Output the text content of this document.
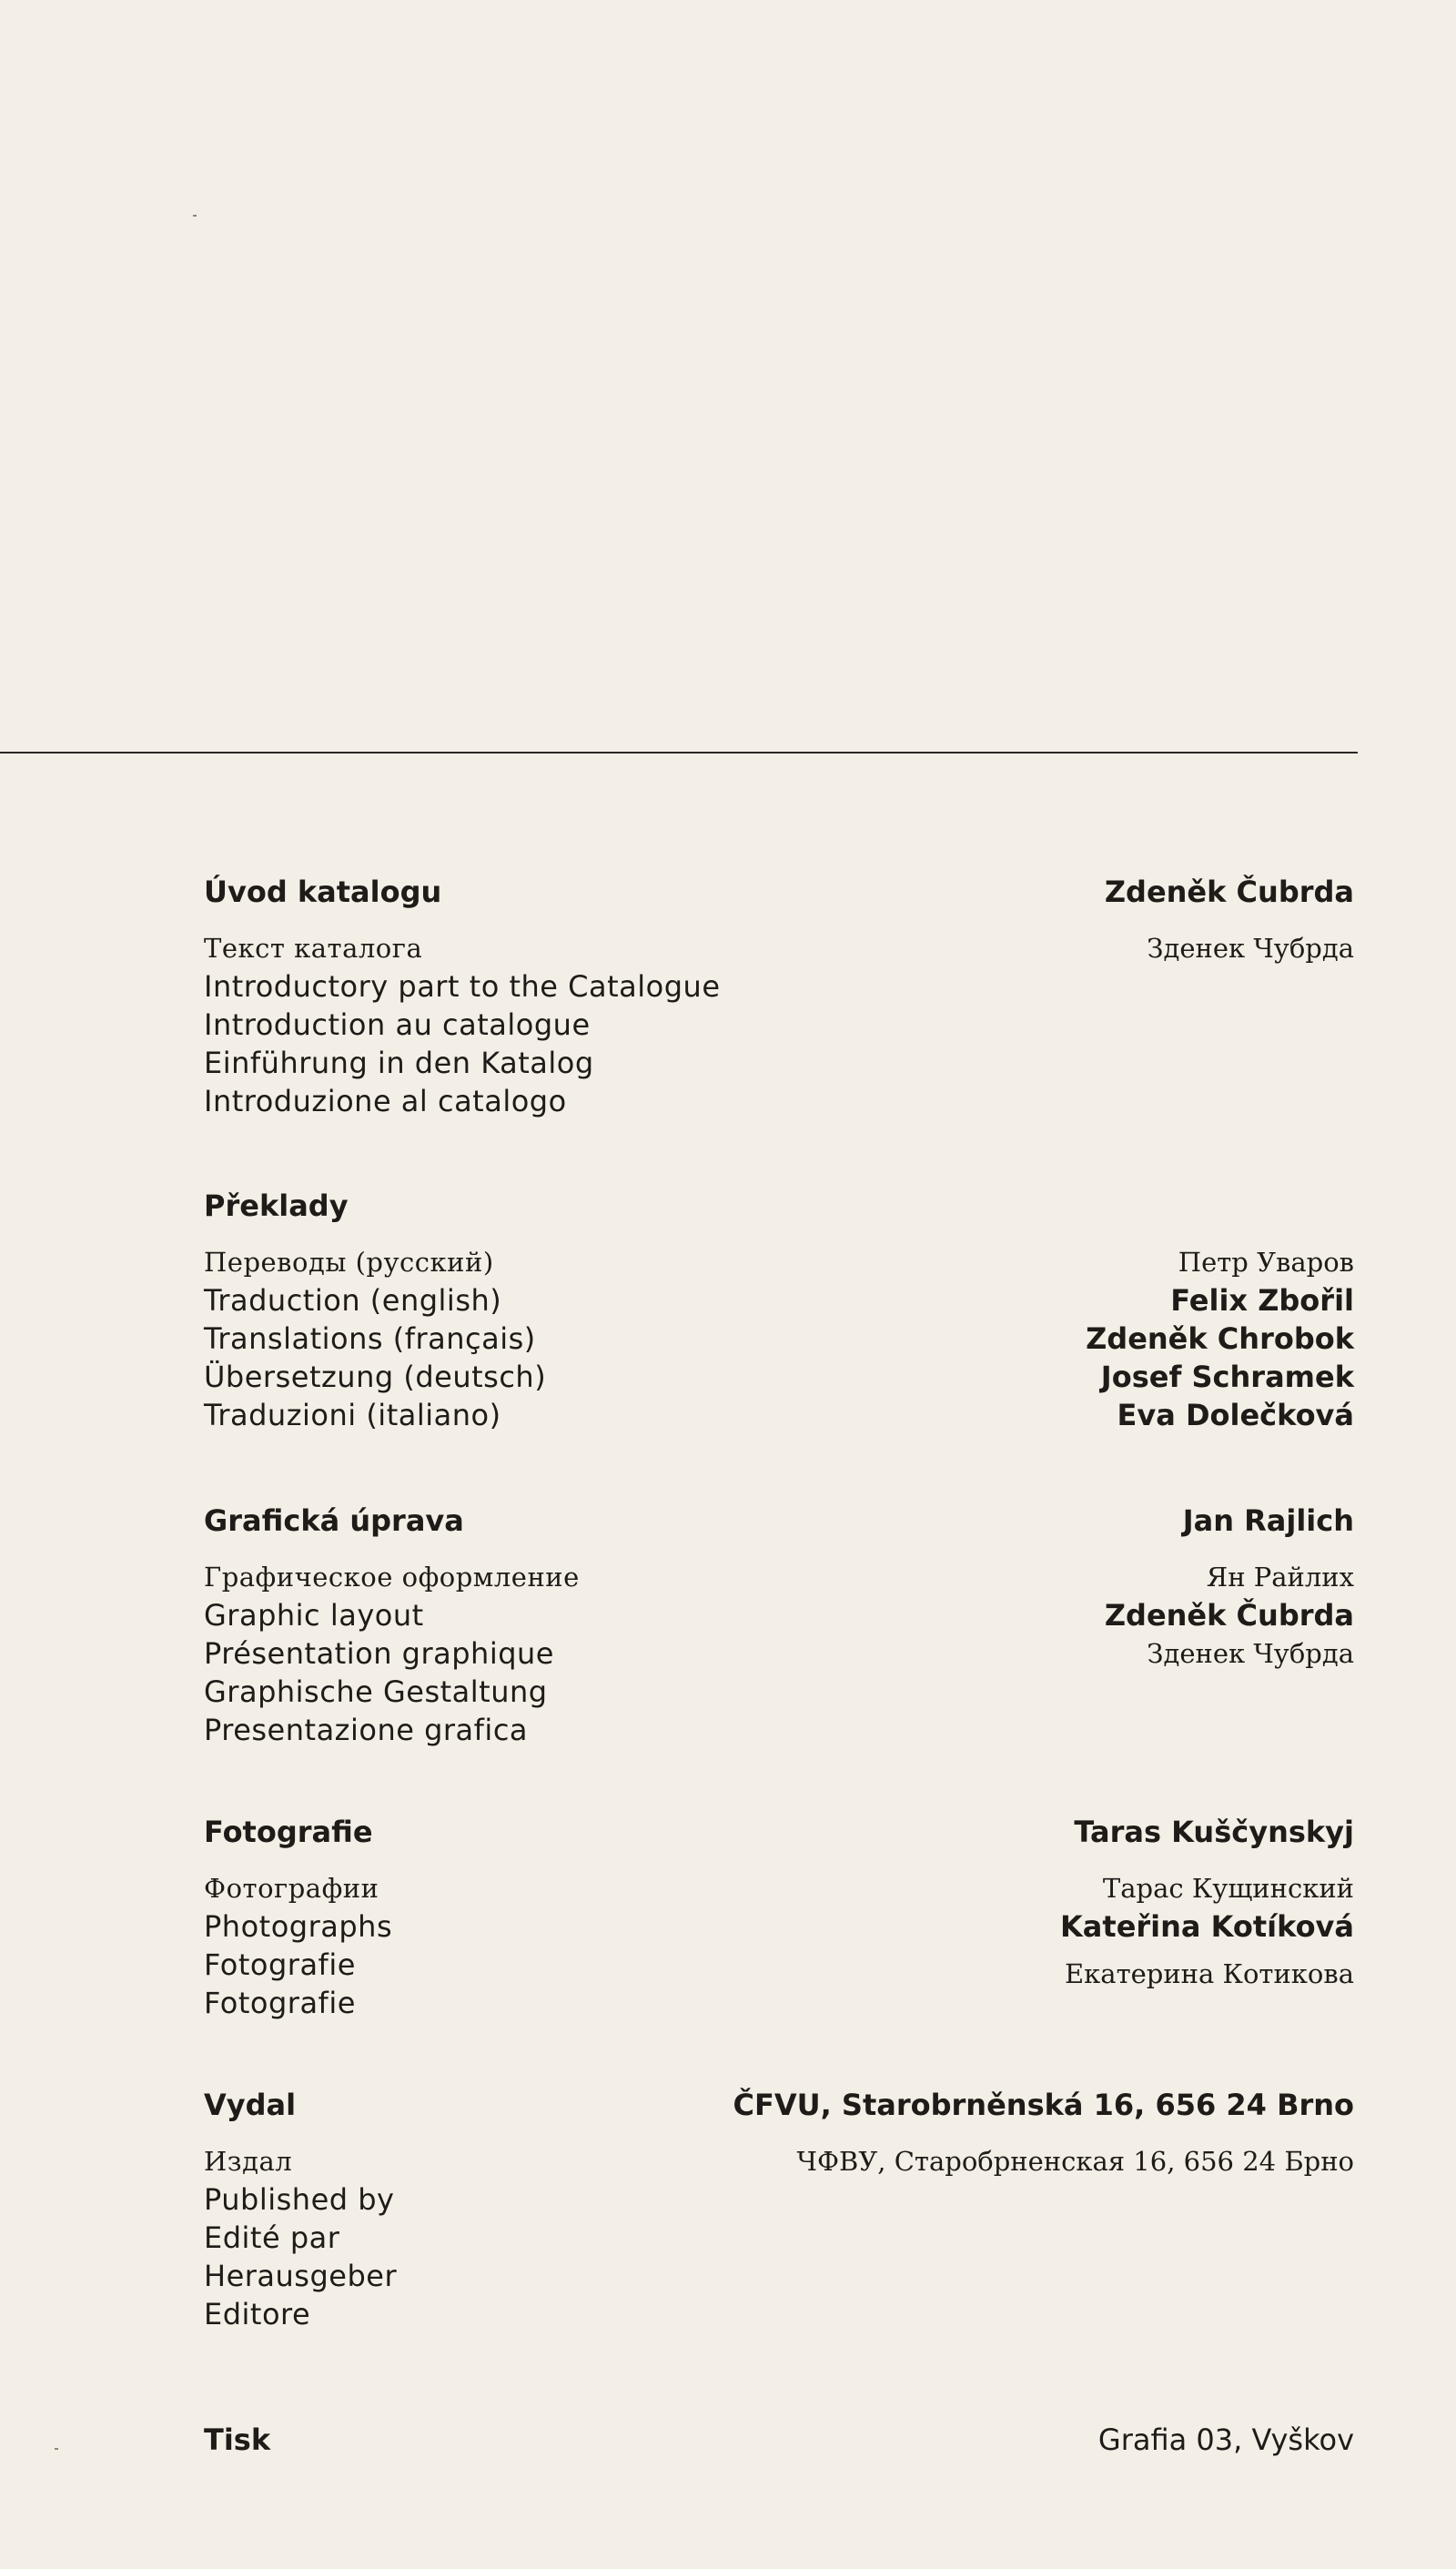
Úvod katalogu
Текст каталога
Introductory part to the Catalogue
Introduction au catalogue
Einführung in den Katalog
Introduzione al catalogo
Zdeněk Čubrda
Зденек Чубрда
Překlady
Переводы (русский)
Traduction (english)
Translations (français)
Übersetzung (deutsch)
Traduzioni (italiano)
Петр Уваров
Felix Zbořil
Zdeněk Chrobok
Josef Schramek
Eva Dolečková
Grafická úprava
Графическое оформление
Graphic layout
Présentation graphique
Graphische Gestaltung
Presentazione grafica
Jan Rajlich
Ян Райлих
Zdeněk Čubrda
Зденек Чубрда
Fotografie
Фотографии
Photographs
Fotografie
Fotografie
Taras Kuščynskyj
Тарас Кущинский
Kateřina Kotíková
Екатерина Котикова
Vydal
Издал
Published by
Edité par
Herausgeber
Editore
ČFVU, Starobrněnská 16, 656 24 Brno
ЧФВУ, Старобрненская 16, 656 24 Брно
Tisk	Grafia 03, Vyškov
